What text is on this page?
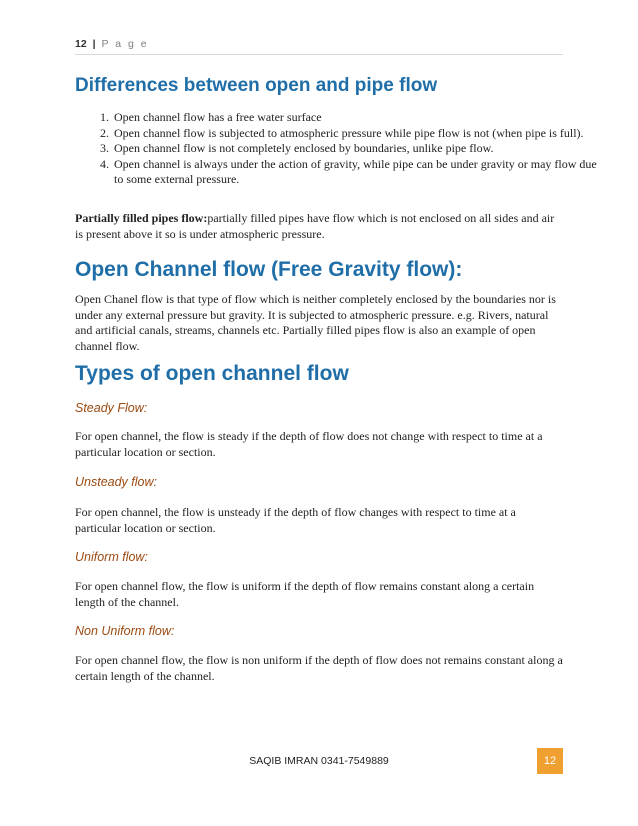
12 | P a g e
Differences between open and pipe flow
1. Open channel flow has a free water surface
2. Open channel flow is subjected to atmospheric pressure while pipe flow is not (when pipe is full).
3. Open channel flow is not completely enclosed by boundaries, unlike pipe flow.
4. Open channel is always under the action of gravity, while pipe can be under gravity or may flow due to some external pressure.

Partially filled pipes flow:partially filled pipes have flow which is not enclosed on all sides and air is present above it so is under atmospheric pressure.

Open Channel flow (Free Gravity flow):

Open Chanel flow is that type of flow which is neither completely enclosed by the boundaries nor is under any external pressure but gravity. It is subjected to atmospheric pressure. e.g. Rivers, natural and artificial canals, streams, channels etc. Partially filled pipes flow is also an example of open channel flow.

Types of open channel flow
Steady Flow:

For open channel, the flow is steady if the depth of flow does not change with respect to time at a particular location or section.

Unsteady flow:

For open channel, the flow is unsteady if the depth of flow changes with respect to time at a particular location or section.

Uniform flow:

For open channel flow, the flow is uniform if the depth of flow remains constant along a certain length of the channel.

Non Uniform flow:

For open channel flow, the flow is non uniform if the depth of flow does not remains constant along a certain length of the channel.

SAQIB IMRAN 0341-7549889	12
